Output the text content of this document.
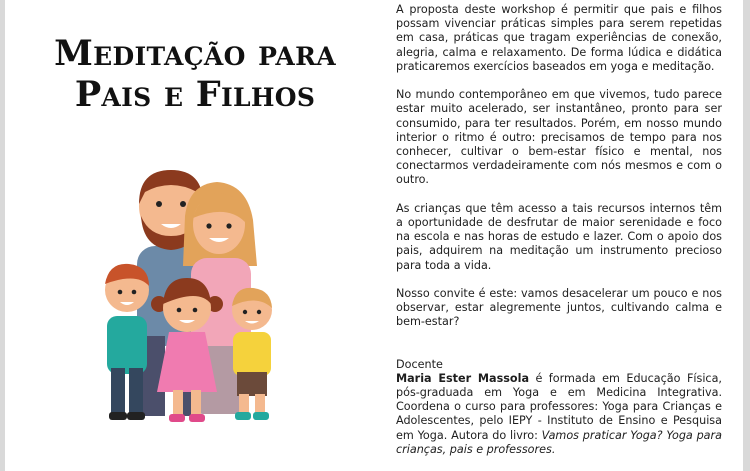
Meditação para
Pais e Filhos

A proposta deste workshop é permitir que pais e filhos possam vivenciar práticas simples para serem repetidas em casa, práticas que tragam experiências de conexão, alegria, calma e relaxamento. De forma lúdica e didática praticaremos exercícios baseados em yoga e meditação.

No mundo contemporâneo em que vivemos, tudo parece estar muito acelerado, ser instantâneo, pronto para ser consumido, para ter resultados. Porém, em nosso mundo interior o ritmo é outro: precisamos de tempo para nos conhecer, cultivar o bem-estar físico e mental, nos conectarmos verdadeiramente com nós mesmos e com o outro.

As crianças que têm acesso a tais recursos internos têm a oportunidade de desfrutar de maior serenidade e foco na escola e nas horas de estudo e lazer. Com o apoio dos pais, adquirem na meditação um instrumento precioso para toda a vida.

Nosso convite é este: vamos desacelerar um pouco e nos observar, estar alegremente juntos, cultivando calma e bem-estar?

Docente

Maria Ester Massola é formada em Educação Física, pós-graduada em Yoga e em Medicina Integrativa. Coordena o curso para professores: Yoga para Crianças e Adolescentes, pelo IEPY - Instituto de Ensino e Pesquisa em Yoga. Autora do livro: Vamos praticar Yoga? Yoga para crianças, pais e professores.
